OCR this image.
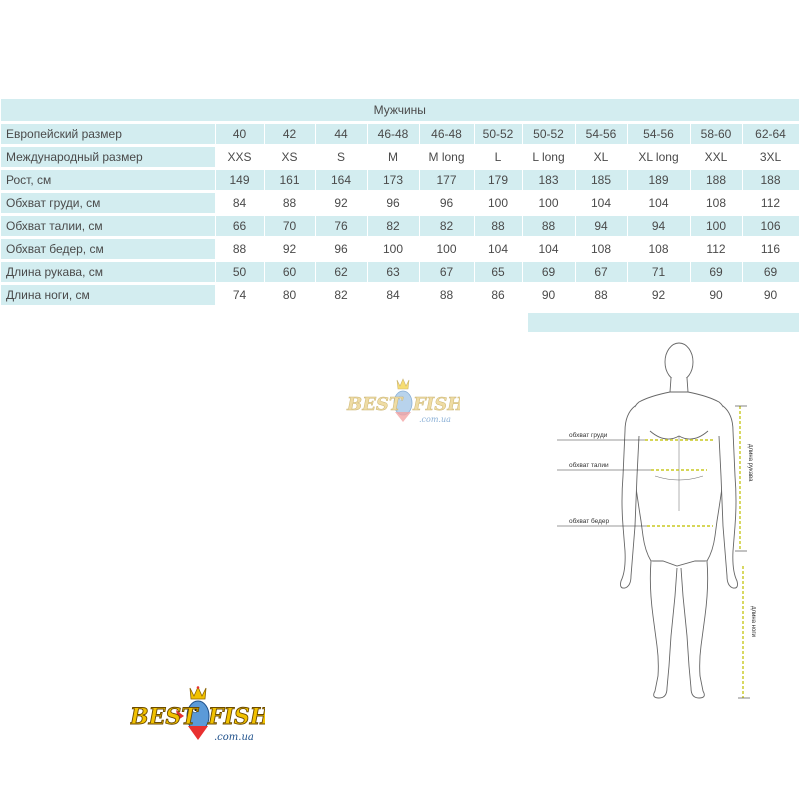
Мужчины											
Европейский размер	40	42	44	46-48	46-48	50-52	50-52	54-56	54-56	58-60	62-64
Международный размер	XXS	XS	S	M	M long	L	L long	XL	XL long	XXL	3XL
Рост, см	149	161	164	173	177	179	183	185	189	188	188
Обхват груди, см	84	88	92	96	96	100	100	104	104	108	112
Обхват талии, см	66	70	76	82	82	88	88	94	94	100	106
Обхват бедер, см	88	92	96	100	100	104	104	108	108	112	116
Длина рукава, см	50	60	62	63	67	65	69	67	71	69	69
Длина ноги, см	74	80	82	84	88	86	90	88	92	90	90
обхват груди
обхват талии
обхват бедер
длина рукава
длина ноги
BEST FISH
.com.ua
BEST FISH
.com.ua
